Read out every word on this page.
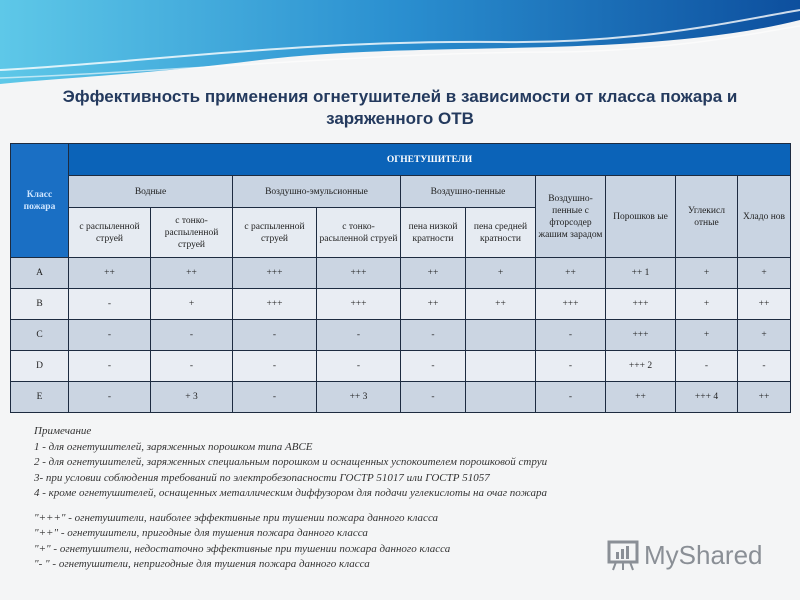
Эффективность применения огнетушителей в зависимости от класса пожара и заряженного ОТВ
Класс пожара	ОГНЕТУШИТЕЛИ									
	Водные		Воздушно-эмульсионные		Воздушно-пенные		Воздушно-пенные с фторсодер жашим зарадом	Порошков ые	Углекисл отные	Хладо нов
	с распыленной струей	с тонко-распыленной струей	с распыленной струей	с тонко-расыленной струей	пена низкой кратности	пена средней кратности				
A	++	++	+++	+++	++	+	++	++ 1	+	+
B	-	+	+++	+++	++	++	+++	+++	+	++
C	-	-	-	-	-		-	+++	+	+
D	-	-	-	-	-		-	+++ 2	-	-
E	-	+ 3	-	++ 3	-		-	++	+++ 4	++
Примечание
1 - для огнетушителей, заряженных порошком типа ABCE
2 - для огнетушителей, заряженных специальным порошком и оснащенных успокоителем порошковой струи
3- при условии соблюдения требований по электробезопасности ГОСТР 51017 или ГОСТР 51057
4 - кроме огнетушителей, оснащенных металлическим диффузором для подачи углекислоты на очаг пожара
"+++" - огнетушители, наиболее эффективные при тушении пожара данного класса
"++" - огнетушители, пригодные для тушения пожара данного класса
"+" - огнетушители, недостаточно эффективные при тушении пожара данного класса
"- " - огнетушители, непригодные для тушения пожара данного класса	MyShared
